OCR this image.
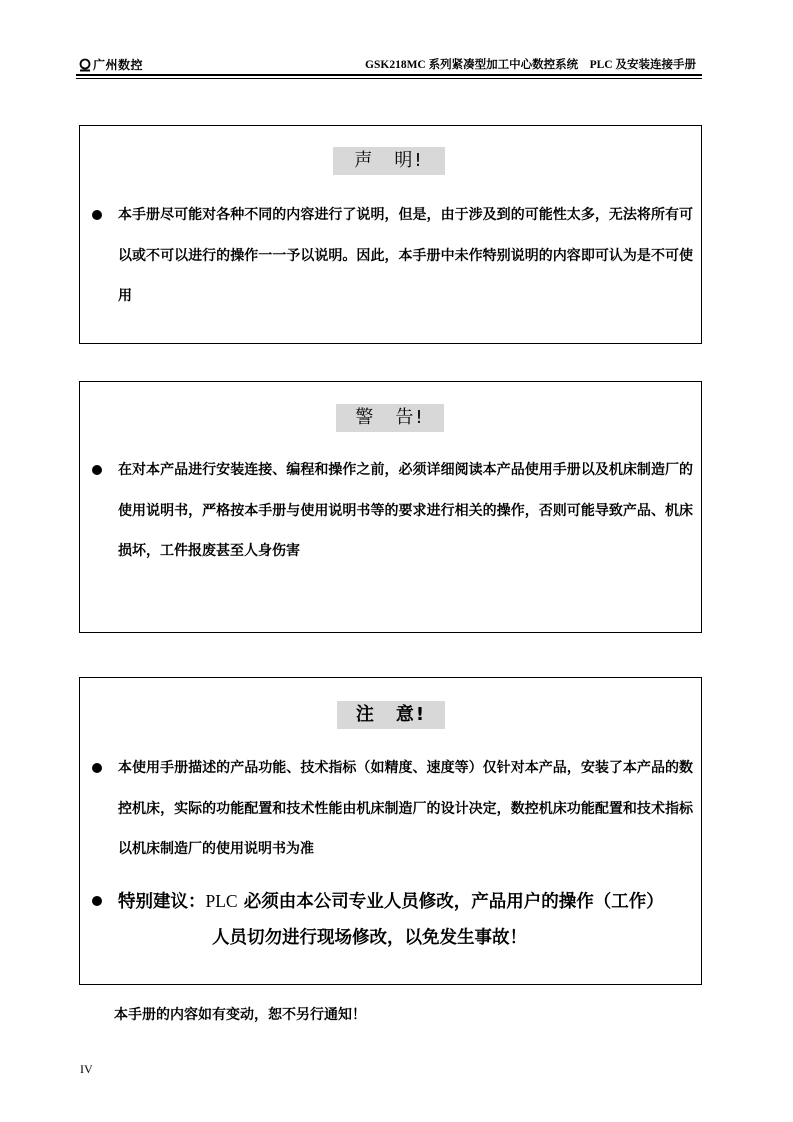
广州数控	GSK218MC 系列紧凑型加工中心数控系统　PLC 及安装连接手册
声　明!
本手册尽可能对各种不同的内容进行了说明，但是，由于涉及到的可能性太多，无法将所有可以或不可以进行的操作一一予以说明。因此，本手册中未作特别说明的内容即可认为是不可使用
警　告!
在对本产品进行安装连接、编程和操作之前，必须详细阅读本产品使用手册以及机床制造厂的使用说明书，严格按本手册与使用说明书等的要求进行相关的操作，否则可能导致产品、机床损坏，工件报废甚至人身伤害
注　意!
本使用手册描述的产品功能、技术指标（如精度、速度等）仅针对本产品，安装了本产品的数控机床，实际的功能配置和技术性能由机床制造厂的设计决定，数控机床功能配置和技术指标以机床制造厂的使用说明书为准
特别建议：PLC 必须由本公司专业人员修改，产品用户的操作（工作）
人员切勿进行现场修改，以免发生事故！
本手册的内容如有变动，恕不另行通知！
IV
